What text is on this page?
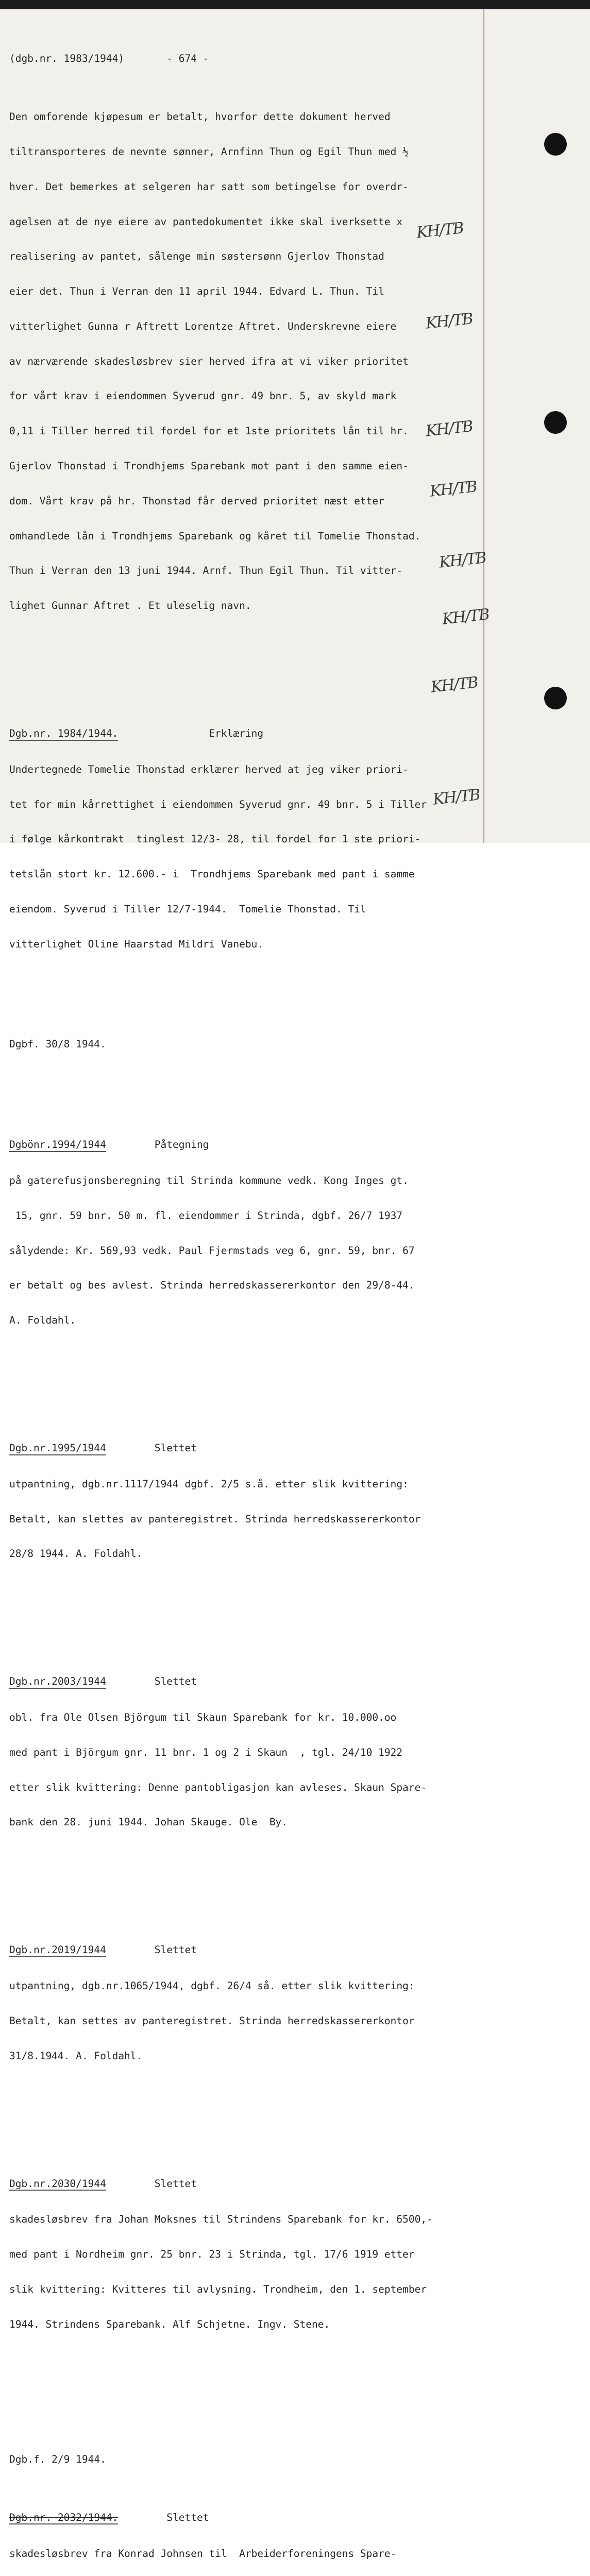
(dgb.nr. 1983/1944)       - 674 -

Den omforende kjøpesum er betalt, hvorfor dette dokument herved

tiltransporteres de nevnte sønner, Arnfinn Thun og Egil Thun med ½

hver. Det bemerkes at selgeren har satt som betingelse for overdr-

agelsen at de nye eiere av pantedokumentet ikke skal iverksette x

realisering av pantet, sålenge min søstersønn Gjerlov Thonstad

eier det. Thun i Verran den 11 april 1944. Edvard L. Thun. Til

vitterlighet Gunna r Aftrett Lorentze Aftret. Underskrevne eiere

av nærværende skadesløsbrev sier herved ifra at vi viker prioritet

for vårt krav i eiendommen Syverud gnr. 49 bnr. 5, av skyld mark

0,11 i Tiller herred til fordel for et 1ste prioritets lån til hr.

Gjerlov Thonstad i Trondhjems Sparebank mot pant i den samme eien-

dom. Vårt krav på hr. Thonstad får derved prioritet næst etter

omhandlede lån i Trondhjems Sparebank og kåret til Tomelie Thonstad.

Thun i Verran den 13 juni 1944. Arnf. Thun Egil Thun. Til vitter-

lighet Gunnar Aftret . Et uleselig navn.

Dgb.nr. 1984/1944.	Erklæring

Undertegnede Tomelie Thonstad erklærer herved at jeg viker priori-

tet for min kårrettighet i eiendommen Syverud gnr. 49 bnr. 5 i Tiller

i følge kårkontrakt  tinglest 12/3- 28, til fordel for 1 ste priori-

tetslån stort kr. 12.600.- i  Trondhjems Sparebank med pant i samme

eiendom. Syverud i Tiller 12/7-1944.  Tomelie Thonstad. Til

vitterlighet Oline Haarstad Mildri Vanebu.

Dgbf. 30/8 1944.

Dgbönr.1994/1944	Påtegning

på gaterefusjonsberegning til Strinda kommune vedk. Kong Inges gt.

15, gnr. 59 bnr. 50 m. fl. eiendommer i Strinda, dgbf. 26/7 1937

sålydende: Kr. 569,93 vedk. Paul Fjermstads veg 6, gnr. 59, bnr. 67

er betalt og bes avlest. Strinda herredskassererkontor den 29/8-44.

A. Foldahl.

Dgb.nr.1995/1944	Slettet

utpantning, dgb.nr.1117/1944 dgbf. 2/5 s.å. etter slik kvittering:

Betalt, kan slettes av panteregistret. Strinda herredskassererkontor

28/8 1944. A. Foldahl.

Dgb.nr.2003/1944	Slettet

obl. fra Ole Olsen Björgum til Skaun Sparebank for kr. 10.000.oo

med pant i Björgum gnr. 11 bnr. 1 og 2 i Skaun  , tgl. 24/10 1922

etter slik kvittering: Denne pantobligasjon kan avleses. Skaun Spare-

bank den 28. juni 1944. Johan Skauge. Ole  By.

Dgb.nr.2019/1944	Slettet

utpantning, dgb.nr.1065/1944, dgbf. 26/4 så. etter slik kvittering:

Betalt, kan settes av panteregistret. Strinda herredskassererkontor

31/8.1944. A. Foldahl.

Dgb.nr.2030/1944	Slettet

skadesløsbrev fra Johan Moksnes til Strindens Sparebank for kr. 6500,-

med pant i Nordheim gnr. 25 bnr. 23 i Strinda, tgl. 17/6 1919 etter

slik kvittering: Kvitteres til avlysning. Trondheim, den 1. september

1944. Strindens Sparebank. Alf Schjetne. Ingv. Stene.

Dgb.f. 2/9 1944.

Dgb.nr. 2032/1944.	Slettet

skadesløsbrev fra Konrad Johnsen til  Arbeiderforeningens Spare-

KH/TB
KH/TB
KH/TB
KH/TB
KH/TB
KH/TB
KH/TB
KH/TB
